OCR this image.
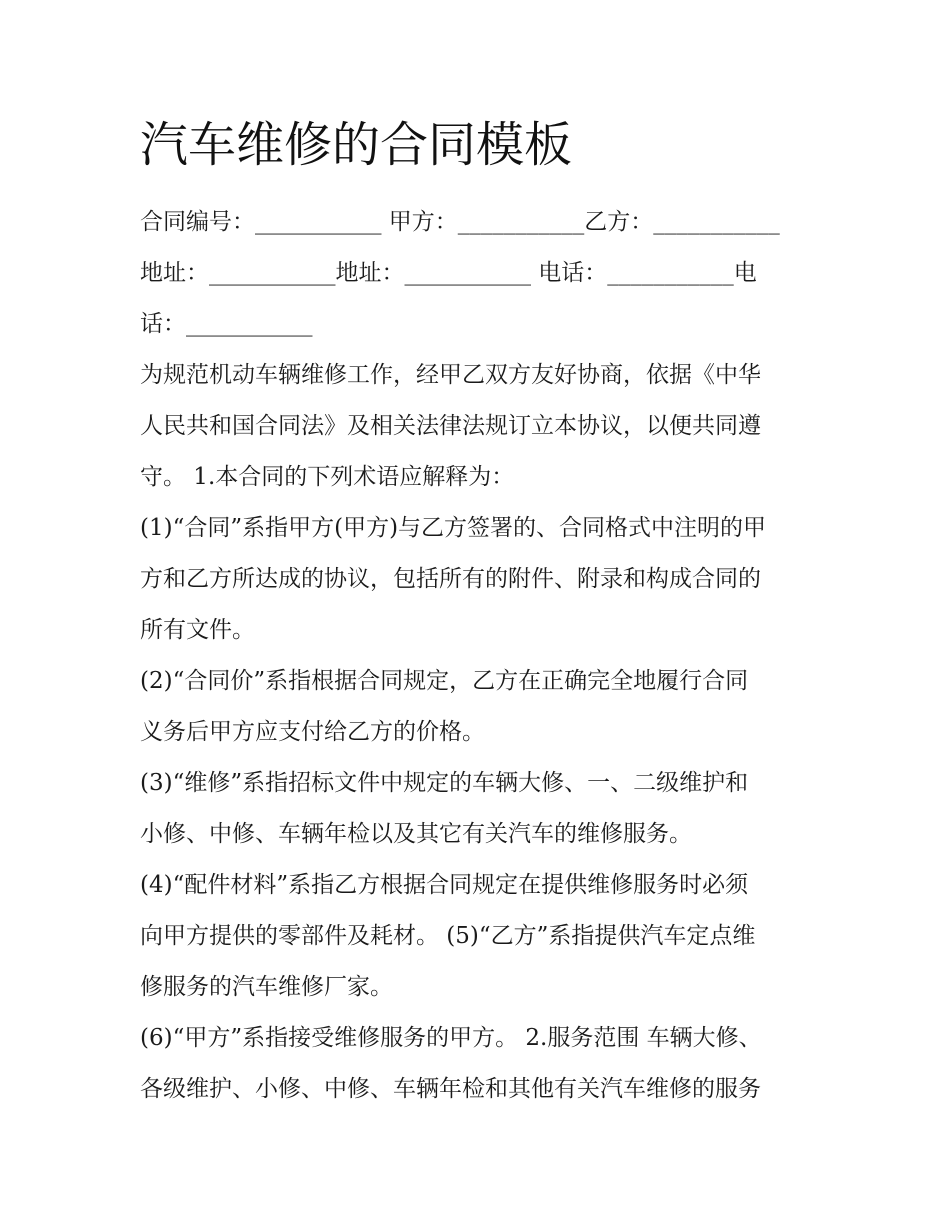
汽车维修的合同模板
合同编号：___________ 甲方：___________乙方：___________
地址：___________地址：___________ 电话：___________电
话：___________
为规范机动车辆维修工作，经甲乙双方友好协商，依据《中华
人民共和国合同法》及相关法律法规订立本协议，以便共同遵
守。 1.本合同的下列术语应解释为：
(1)“合同”系指甲方(甲方)与乙方签署的、合同格式中注明的甲
方和乙方所达成的协议，包括所有的附件、附录和构成合同的
所有文件。
(2)“合同价”系指根据合同规定，乙方在正确完全地履行合同
义务后甲方应支付给乙方的价格。
(3)“维修”系指招标文件中规定的车辆大修、一、二级维护和
小修、中修、车辆年检以及其它有关汽车的维修服务。
(4)“配件材料”系指乙方根据合同规定在提供维修服务时必须
向甲方提供的零部件及耗材。 (5)“乙方”系指提供汽车定点维
修服务的汽车维修厂家。
(6)“甲方”系指接受维修服务的甲方。 2.服务范围 车辆大修、
各级维护、小修、中修、车辆年检和其他有关汽车维修的服务
